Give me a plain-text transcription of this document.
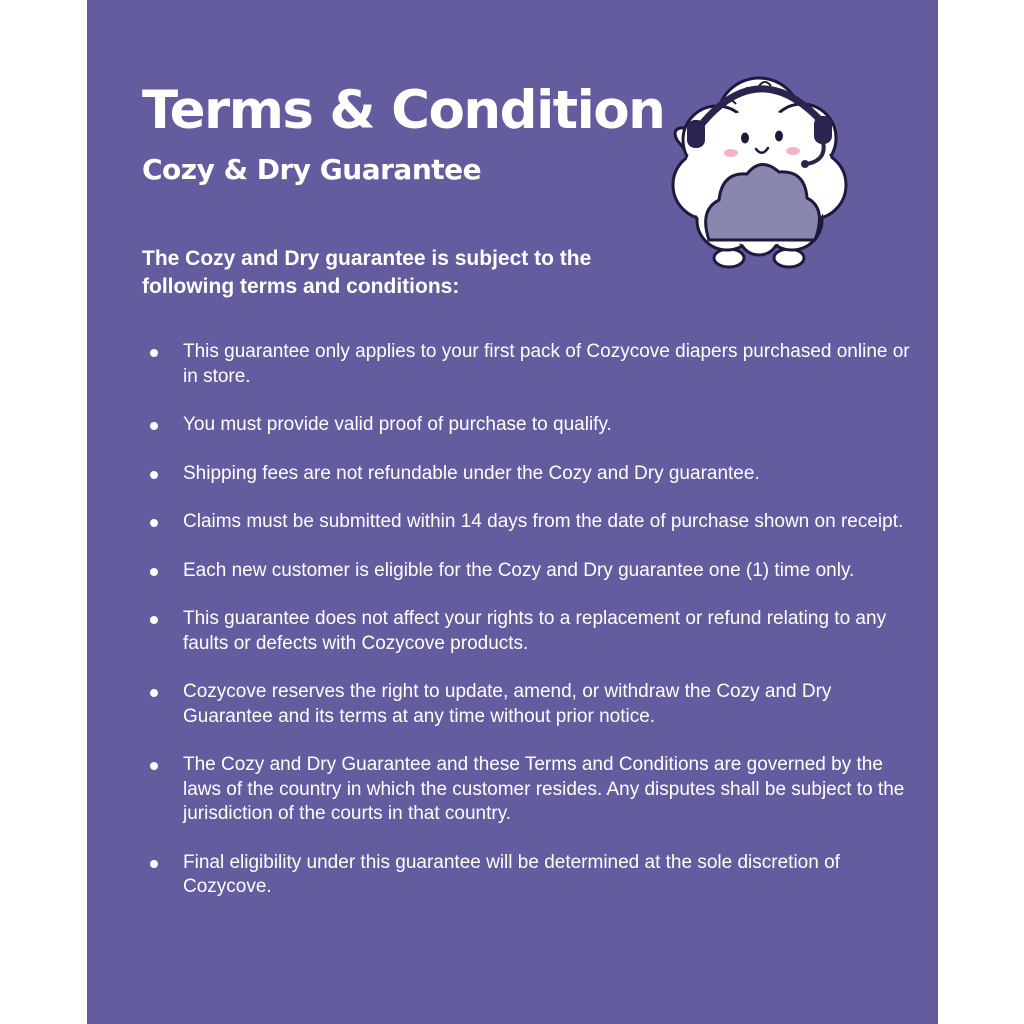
Terms & Condition
Cozy & Dry Guarantee

The Cozy and Dry guarantee is subject to the following terms and conditions:

This guarantee only applies to your first pack of Cozycove diapers purchased online or in store.
You must provide valid proof of purchase to qualify.
Shipping fees are not refundable under the Cozy and Dry guarantee.
Claims must be submitted within 14 days from the date of purchase shown on receipt.
Each new customer is eligible for the Cozy and Dry guarantee one (1) time only.
This guarantee does not affect your rights to a replacement or refund relating to any faults or defects with Cozycove products.
Cozycove reserves the right to update, amend, or withdraw the Cozy and Dry Guarantee and its terms at any time without prior notice.
The Cozy and Dry Guarantee and these Terms and Conditions are governed by the laws of the country in which the customer resides. Any disputes shall be subject to the jurisdiction of the courts in that country.
Final eligibility under this guarantee will be determined at the sole discretion of Cozycove.
